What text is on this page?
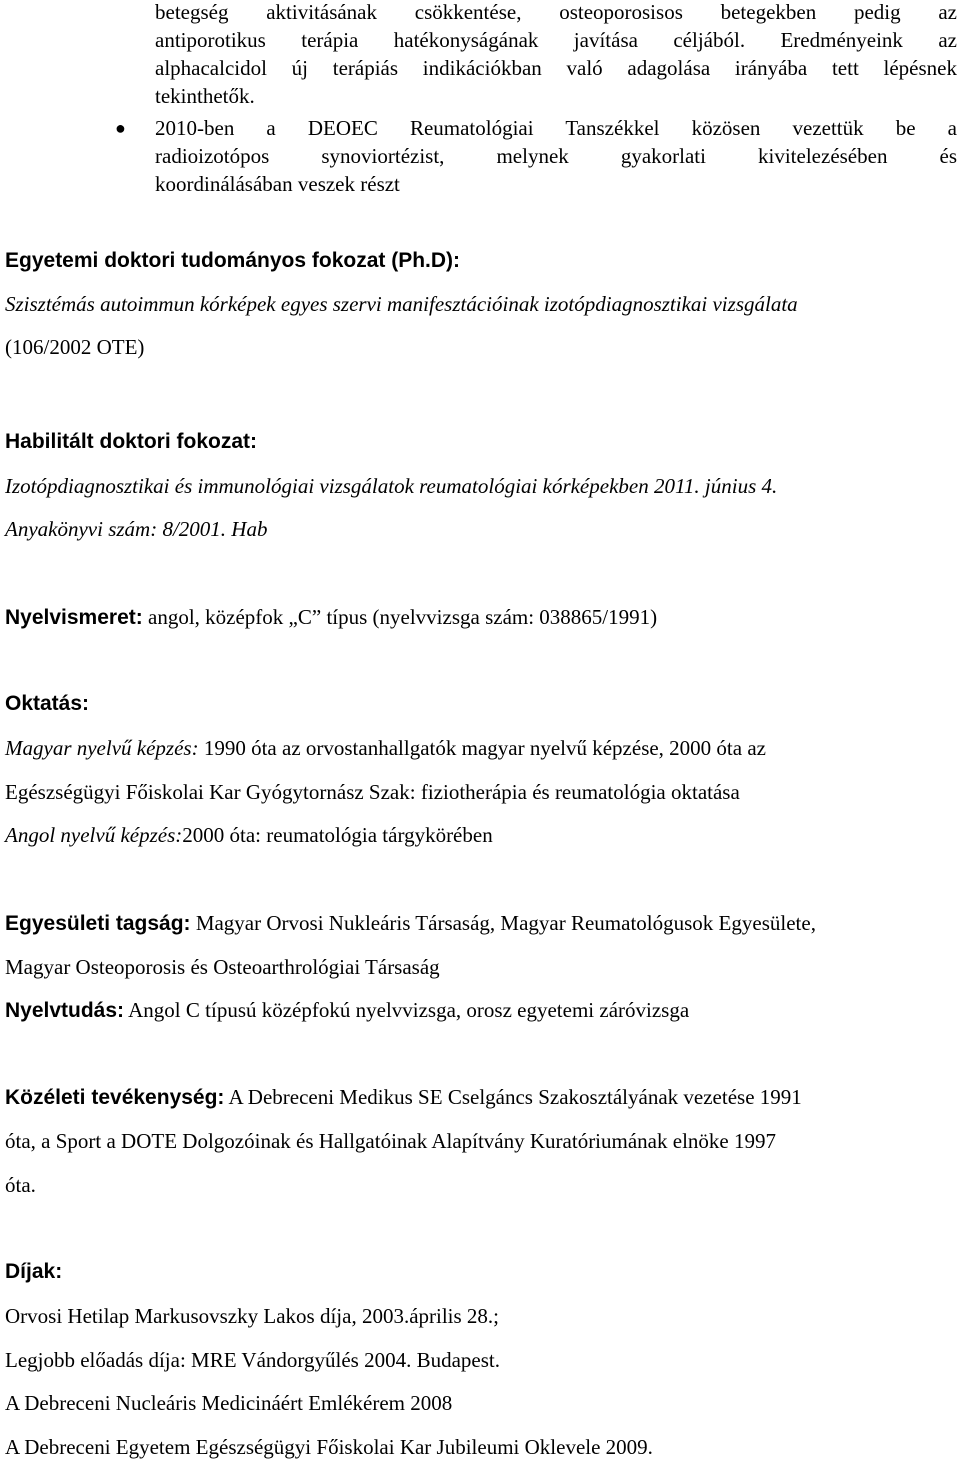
betegség aktivitásának csökkentése, osteoporosisos betegekben pedig az
antiporotikus terápia hatékonyságának javítása céljából. Eredményeink az
alphacalcidol új terápiás indikációkban való adagolása irányába tett lépésnek
tekinthetők.
● 2010-ben a DEOEC Reumatológiai Tanszékkel közösen vezettük be a
radioizotópos synoviortézist, melynek gyakorlati kivitelezésében és
koordinálásában veszek részt
Egyetemi doktori tudományos fokozat (Ph.D):
Szisztémás autoimmun kórképek egyes szervi manifesztációinak izotópdiagnosztikai vizsgálata
(106/2002 OTE)
Habilitált doktori fokozat:
Izotópdiagnosztikai és immunológiai vizsgálatok reumatológiai kórképekben 2011. június 4.
Anyakönyvi szám: 8/2001. Hab
Nyelvismeret: angol, középfok „C” típus (nyelvvizsga szám: 038865/1991)
Oktatás:
Magyar nyelvű képzés: 1990 óta az orvostanhallgatók magyar nyelvű képzése, 2000 óta az
Egészségügyi Főiskolai Kar Gyógytornász Szak: fiziotherápia és reumatológia oktatása
Angol nyelvű képzés:2000 óta: reumatológia tárgykörében
Egyesületi tagság: Magyar Orvosi Nukleáris Társaság, Magyar Reumatológusok Egyesülete,
Magyar Osteoporosis és Osteoarthrológiai Társaság
Nyelvtudás: Angol C típusú középfokú nyelvvizsga, orosz egyetemi záróvizsga
Közéleti tevékenység: A Debreceni Medikus SE Cselgáncs Szakosztályának vezetése 1991
óta, a Sport a DOTE Dolgozóinak és Hallgatóinak Alapítvány Kuratóriumának elnöke 1997
óta.
Díjak:
Orvosi Hetilap Markusovszky Lakos díja, 2003.április 28.;
Legjobb előadás díja: MRE Vándorgyűlés 2004. Budapest.
A Debreceni Nucleáris Medicináért Emlékérem 2008
A Debreceni Egyetem Egészségügyi Főiskolai Kar Jubileumi Oklevele 2009.
